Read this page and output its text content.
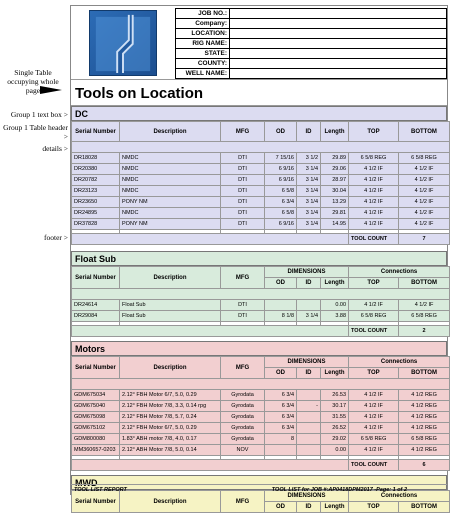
Single Table occupying whole page
Group 1 text box >
Group 1 Table header >
details >
footer >
JOB NO.:	
Company:	
LOCATION:	
RIG NAME:	
STATE:	
COUNTY:	
WELL NAME:	
Tools on Location
DC
Serial Number	Description	MFG	OD	ID	Length	TOP	BOTTOM

DR18028	NMDC	DTI	7 15/16	3 1/2	29.89	6 5/8 REG	6 5/8 REG
DR20380	NMDC	DTI	6 9/16	3 1/4	29.06	4 1/2 IF	4 1/2 IF
DR20782	NMDC	DTI	6 9/16	3 1/4	28.97	4 1/2 IF	4 1/2 IF
DR23123	NMDC	DTI	6 5/8	3 1/4	30.04	4 1/2 IF	4 1/2 IF
DR23650	PONY NM	DTI	6 3/4	3 1/4	13.29	4 1/2 IF	4 1/2 IF
DR24895	NMDC	DTI	6 5/8	3 1/4	29.81	4 1/2 IF	4 1/2 IF
DR37828	PONY NM	DTI	6 9/16	3 1/4	14.95	4 1/2 IF	4 1/2 IF

						TOOL COUNT	7
Float Sub
Serial Number	Description	MFG	DIMENSIONS			Connections	
			OD	ID	Length	TOP	BOTTOM

DR24614	Float Sub	DTI			0.00	4 1/2 IF	4 1/2 IF
DR29084	Float Sub	DTI	8 1/8	3 1/4	3.88	6 5/8 REG	6 5/8 REG

						TOOL COUNT	2
Motors
Serial Number	Description	MFG	DIMENSIONS			Connections	
			OD	ID	Length	TOP	BOTTOM

GDM675034	2.12° FBH Motor 6/7, 5.0, 0.29	Gyrodata	6 3/4		26.53	4 1/2 IF	4 1/2 REG
GDM675040	2.12° FBH Motor 7/8, 3.3, 0.14 rpg	Gyrodata	6 3/4	-	30.17	4 1/2 IF	4 1/2 REG
GDM675098	2.12° FBH Motor 7/8, 5.7, 0.24	Gyrodata	6 3/4		31.55	4 1/2 IF	4 1/2 REG
GDM675102	2.12° FBH Motor 6/7, 5.0, 0.29	Gyrodata	6 3/4		26.52	4 1/2 IF	4 1/2 REG
GDM800080	1.83° ABH motor 7/8, 4.0, 0.17	Gyrodata	8		29.02	6 5/8 REG	6 5/8 REG
MM360657-0203	2.12° ABH Motor 7/8, 5.0, 0.14	NOV			0.00	4 1/2 IF	4 1/2 REG

						TOOL COUNT	6
MWD
Serial Number	Description	MFG	DIMENSIONS			Connections	
			OD	ID	Length	TOP	BOTTOM
TOOL LIST REPORT	TOOL LIST for JOB #:AP0418DPM2017 -Page: 1 of 2
